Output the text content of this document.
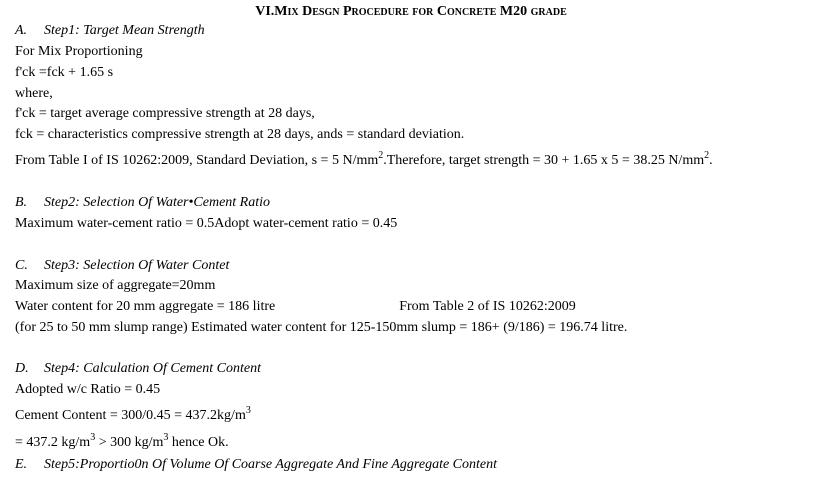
VI.Mix Desgn Procedure for Concrete M20 grade
A. Step1: Target Mean Strength
For Mix Proportioning
f'ck =fck + 1.65 s
where,
f'ck = target average compressive strength at 28 days,
fck = characteristics compressive strength at 28 days, ands = standard deviation.
From Table I of IS 10262:2009, Standard Deviation, s = 5 $N/mm^2.Therefore$, target strength = 30 + 1.65 x 5 = 38.25 $N/mm^2$.
B. Step2: Selection Of Water•Cement Ratio
Maximum water-cement ratio = 0.5Adopt water-cement ratio = 0.45
C. Step3: Selection Of Water Contet
Maximum size of aggregate=20mm
Water content for 20 mm aggregate = 186 litre	From Table 2 of IS 10262:2009
(for 25 to 50 mm slump range) Estimated water content for 125-150mm slump = 186+ (9/186) = 196.74 litre.
D. Step4: Calculation Of Cement Content
Adopted w/c Ratio = 0.45
Cement Content = $300/0.45 = 437.2kg/m^3$
= 437.2 $kg/m^3 > 300$ $kg/m^3$ hence Ok.
E. Step5:Proportio0n Of Volume Of Coarse Aggregate And Fine Aggregate Content
